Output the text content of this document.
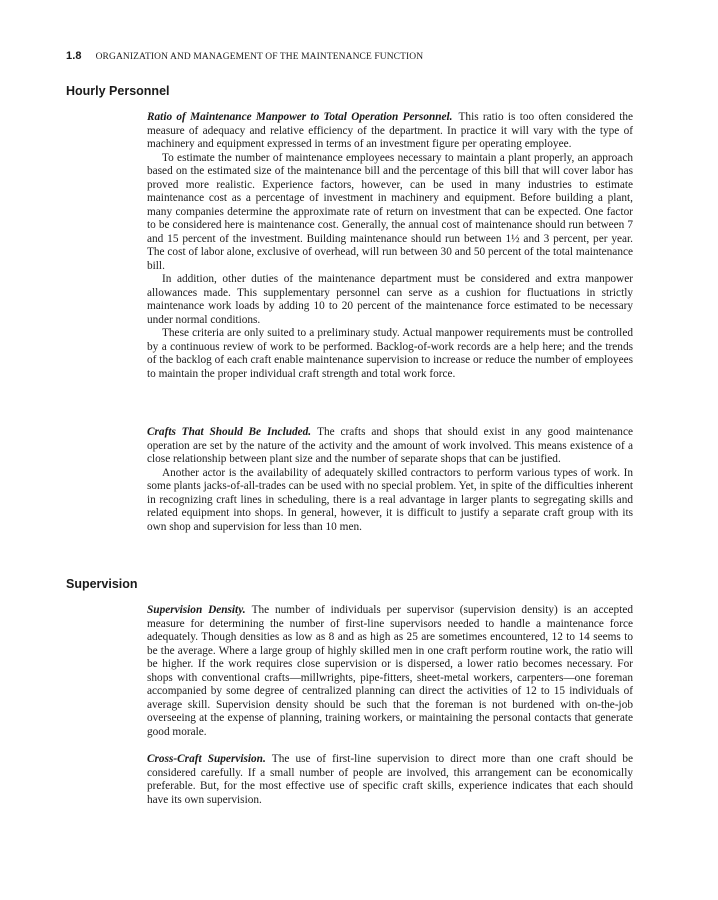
1.8 ORGANIZATION AND MANAGEMENT OF THE MAINTENANCE FUNCTION
Hourly Personnel

Ratio of Maintenance Manpower to Total Operation Personnel. This ratio is too often considered the measure of adequacy and relative efficiency of the department. In practice it will vary with the type of machinery and equipment expressed in terms of an investment figure per operating employee.

To estimate the number of maintenance employees necessary to maintain a plant properly, an approach based on the estimated size of the maintenance bill and the percentage of this bill that will cover labor has proved more realistic. Experience factors, however, can be used in many industries to estimate maintenance cost as a percentage of investment in machinery and equipment. Before building a plant, many companies determine the approximate rate of return on investment that can be expected. One factor to be considered here is maintenance cost. Generally, the annual cost of maintenance should run between 7 and 15 percent of the investment. Building maintenance should run between 1½ and 3 percent, per year. The cost of labor alone, exclusive of overhead, will run between 30 and 50 percent of the total maintenance bill.

In addition, other duties of the maintenance department must be considered and extra manpower allowances made. This supplementary personnel can serve as a cushion for fluctuations in strictly maintenance work loads by adding 10 to 20 percent of the maintenance force estimated to be necessary under normal conditions.

These criteria are only suited to a preliminary study. Actual manpower requirements must be controlled by a continuous review of work to be performed. Backlog-of-work records are a help here; and the trends of the backlog of each craft enable maintenance supervision to increase or reduce the number of employees to maintain the proper individual craft strength and total work force.

Crafts That Should Be Included. The crafts and shops that should exist in any good maintenance operation are set by the nature of the activity and the amount of work involved. This means existence of a close relationship between plant size and the number of separate shops that can be justified.

Another actor is the availability of adequately skilled contractors to perform various types of work. In some plants jacks-of-all-trades can be used with no special problem. Yet, in spite of the difficulties inherent in recognizing craft lines in scheduling, there is a real advantage in larger plants to segregating skills and related equipment into shops. In general, however, it is difficult to justify a separate craft group with its own shop and supervision for less than 10 men.

Supervision

Supervision Density. The number of individuals per supervisor (supervision density) is an accepted measure for determining the number of first-line supervisors needed to handle a maintenance force adequately. Though densities as low as 8 and as high as 25 are sometimes encountered, 12 to 14 seems to be the average. Where a large group of highly skilled men in one craft perform routine work, the ratio will be higher. If the work requires close supervision or is dispersed, a lower ratio becomes necessary. For shops with conventional crafts—millwrights, pipe-fitters, sheet-metal workers, carpenters—one foreman accompanied by some degree of centralized planning can direct the activities of 12 to 15 individuals of average skill. Supervision density should be such that the foreman is not burdened with on-the-job overseeing at the expense of planning, training workers, or maintaining the personal contacts that generate good morale.

Cross-Craft Supervision. The use of first-line supervision to direct more than one craft should be considered carefully. If a small number of people are involved, this arrangement can be economically preferable. But, for the most effective use of specific craft skills, experience indicates that each should have its own supervision.
